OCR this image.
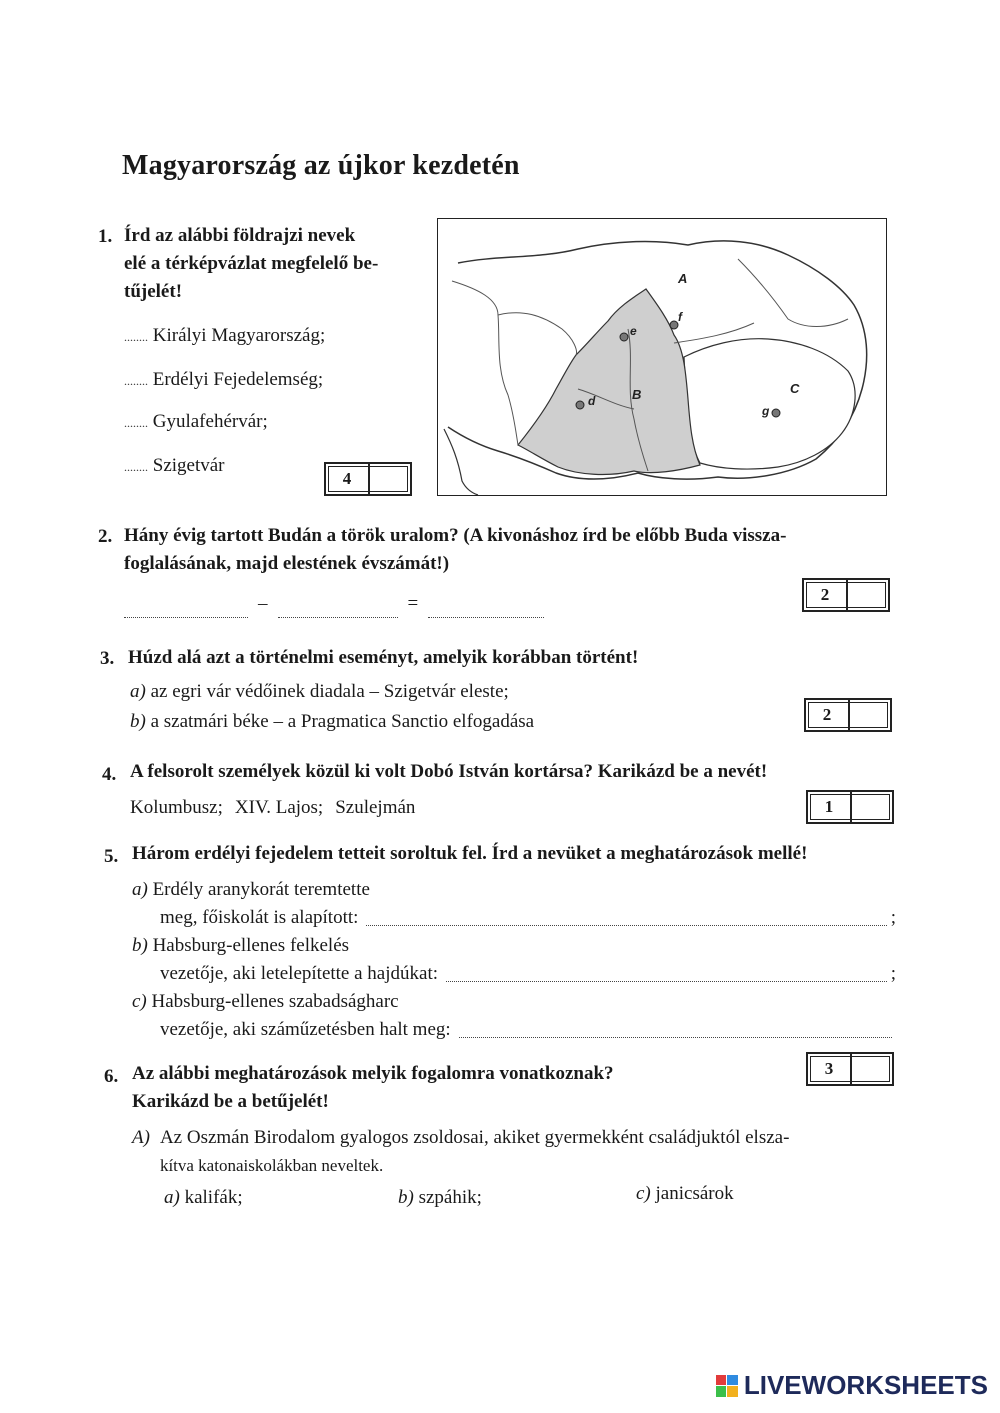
Magyarország az újkor kezdetén
1. Írd az alábbi földrajzi nevek
elé a térképvázlat megfelelő be-
tűjelét!
........ Királyi Magyarország;
........ Erdélyi Fejedelemség;
........ Gyulafehérvár;
........ Szigetvár
4
A
B	C
d
e
f
g
2. Hány évig tartott Budán a török uralom? (A kivonáshoz írd be előbb Buda vissza-
foglalásának, majd elestének évszámát!)
–	=	2
3. Húzd alá azt a történelmi eseményt, amelyik korábban történt!
a) az egri vár védőinek diadala – Szigetvár eleste;
b) a szatmári béke – a Pragmatica Sanctio elfogadása	2
4. A felsorolt személyek közül ki volt Dobó István kortársa? Karikázd be a nevét!
Kolumbusz; XIV. Lajos; Szulejmán	1
5. Három erdélyi fejedelem tetteit soroltuk fel. Írd a nevüket a meghatározások mellé!
a) Erdély aranykorát teremtette
meg, főiskolát is alapított:	;
b) Habsburg-ellenes felkelés
vezetője, aki letelepítette a hajdúkat:	;
c) Habsburg-ellenes szabadságharc
vezetője, aki száműzetésben halt meg:
6. Az alábbi meghatározások melyik fogalomra vonatkoznak?
Karikázd be a betűjelét!
3
A) Az Oszmán Birodalom gyalogos zsoldosai, akiket gyermekként családjuktól elsza-
kítva katonaiskolákban neveltek.
a) kalifák;	b) szpáhik;	c) janicsárok
LIVEWORKSHEETS
